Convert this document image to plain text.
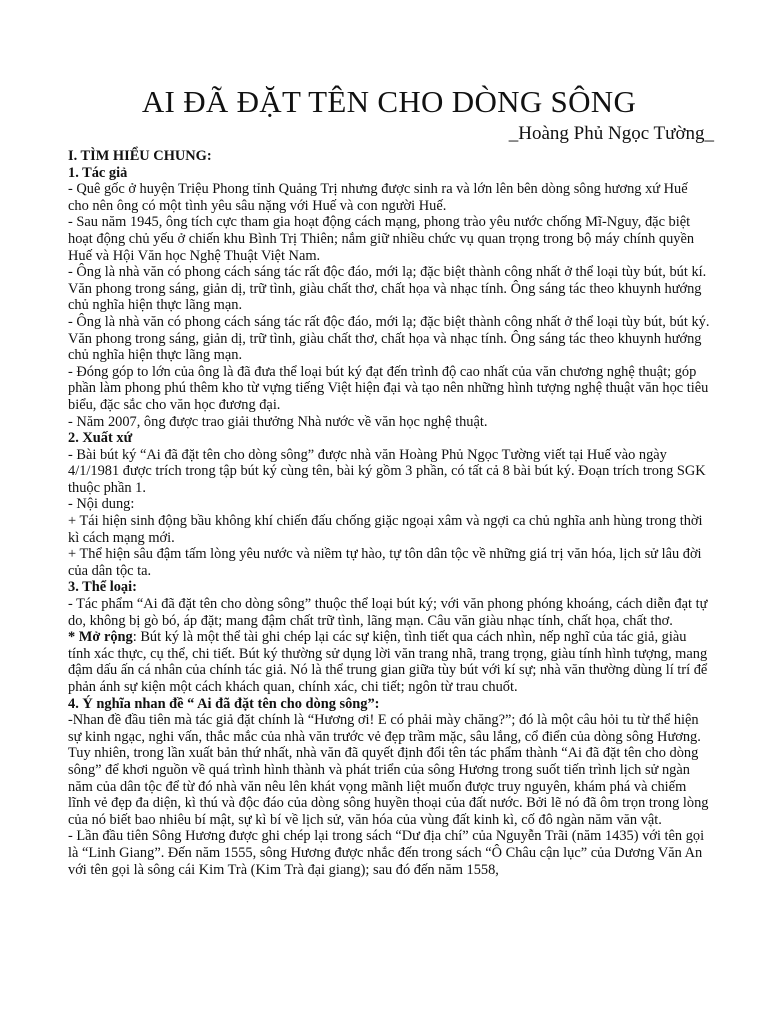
AI ĐÃ ĐẶT TÊN CHO DÒNG SÔNG
_Hoàng Phủ Ngọc Tường_

I. TÌM HIỂU CHUNG:

1. Tác giả

- Quê gốc ở huyện Triệu Phong tỉnh Quảng Trị nhưng được sinh ra và lớn lên bên dòng sông hương xứ Huế cho nên ông có một tình yêu sâu nặng với Huế và con người Huế.

- Sau năm 1945, ông tích cực tham gia hoạt động cách mạng, phong trào yêu nước chống Mĩ-Nguy, đặc biệt hoạt động chủ yếu ở chiến khu Bình Trị Thiên; nắm giữ nhiều chức vụ quan trọng trong bộ máy chính quyền Huế và Hội Văn học Nghệ Thuật Việt Nam.

- Ông là nhà văn có phong cách sáng tác rất độc đáo, mới lạ; đặc biệt thành công nhất ở thể loại tùy bút, bút kí. Văn phong trong sáng, giản dị, trữ tình, giàu chất thơ, chất họa và nhạc tính. Ông sáng tác theo khuynh hướng chủ nghĩa hiện thực lãng mạn.

- Ông là nhà văn có phong cách sáng tác rất độc đáo, mới lạ; đặc biệt thành công nhất ở thể loại tùy bút, bút ký. Văn phong trong sáng, giản dị, trữ tình, giàu chất thơ, chất họa và nhạc tính. Ông sáng tác theo khuynh hướng chủ nghĩa hiện thực lãng mạn.

- Đóng góp to lớn của ông là đã đưa thể loại bút ký đạt đến trình độ cao nhất của văn chương nghệ thuật; góp phần làm phong phú thêm kho từ vựng tiếng Việt hiện đại và tạo nên những hình tượng nghệ thuật văn học tiêu biểu, đặc sắc cho văn học đương đại.

- Năm 2007, ông được trao giải thưởng Nhà nước về văn học nghệ thuật.

2. Xuất xứ

- Bài bút ký “Ai đã đặt tên cho dòng sông” được nhà văn Hoàng Phủ Ngọc Tường viết tại Huế vào ngày 4/1/1981 được trích trong tập bút ký cùng tên, bài ký gồm 3 phần, có tất cả 8 bài bút ký. Đoạn trích trong SGK thuộc phần 1.

- Nội dung:

+ Tái hiện sinh động bầu không khí chiến đấu chống giặc ngoại xâm và ngợi ca chủ nghĩa anh hùng trong thời kì cách mạng mới.

+ Thể hiện sâu đậm tấm lòng yêu nước và niềm tự hào, tự tôn dân tộc về những giá trị văn hóa, lịch sử lâu đời của dân tộc ta.

3. Thể loại:

- Tác phẩm “Ai đã đặt tên cho dòng sông” thuộc thể loại bút ký; với văn phong phóng khoáng, cách diễn đạt tự do, không bị gò bó, áp đặt; mang đậm chất trữ tình, lãng mạn. Câu văn giàu nhạc tính, chất họa, chất thơ.

* Mở rộng: Bút ký là một thể tài ghi chép lại các sự kiện, tình tiết qua cách nhìn, nếp nghĩ của tác giả, giàu tính xác thực, cụ thể, chi tiết. Bút ký thường sử dụng lời văn trang nhã, trang trọng, giàu tính hình tượng, mang đậm dấu ấn cá nhân của chính tác giả. Nó là thể trung gian giữa tùy bút với kí sự; nhà văn thường dùng lí trí để phản ánh sự kiện một cách khách quan, chính xác, chi tiết; ngôn từ trau chuốt.

4. Ý nghĩa nhan đề “ Ai đã đặt tên cho dòng sông”:

-Nhan đề đầu tiên mà tác giả đặt chính là “Hương ơi! E có phải mày chăng?”; đó là một câu hỏi tu từ thể hiện sự kinh ngạc, nghi vấn, thắc mắc của nhà văn trước vẻ đẹp trầm mặc, sâu lắng, cổ điển của dòng sông Hương. Tuy nhiên, trong lần xuất bản thứ nhất, nhà văn đã quyết định đổi tên tác phẩm thành “Ai đã đặt tên cho dòng sông” để khơi nguồn về quá trình hình thành và phát triển của sông Hương trong suốt tiến trình lịch sử ngàn năm của dân tộc để từ đó nhà văn nêu lên khát vọng mãnh liệt muốn được truy nguyên, khám phá và chiếm lĩnh vẻ đẹp đa diện, kì thú và độc đáo của dòng sông huyền thoại của đất nước. Bởi lẽ nó đã ôm trọn trong lòng của nó biết bao nhiêu bí mật, sự kì bí về lịch sử, văn hóa của vùng đất kinh kì, cố đô ngàn năm văn vật.

- Lần đầu tiên Sông Hương được ghi chép lại trong sách “Dư địa chí” của Nguyễn Trãi (năm 1435) với tên gọi là “Linh Giang”. Đến năm 1555, sông Hương được nhắc đến trong sách “Ô Châu cận lục” của Dương Văn An với tên gọi là sông cái Kim Trà (Kim Trà đại giang); sau đó đến năm 1558,
